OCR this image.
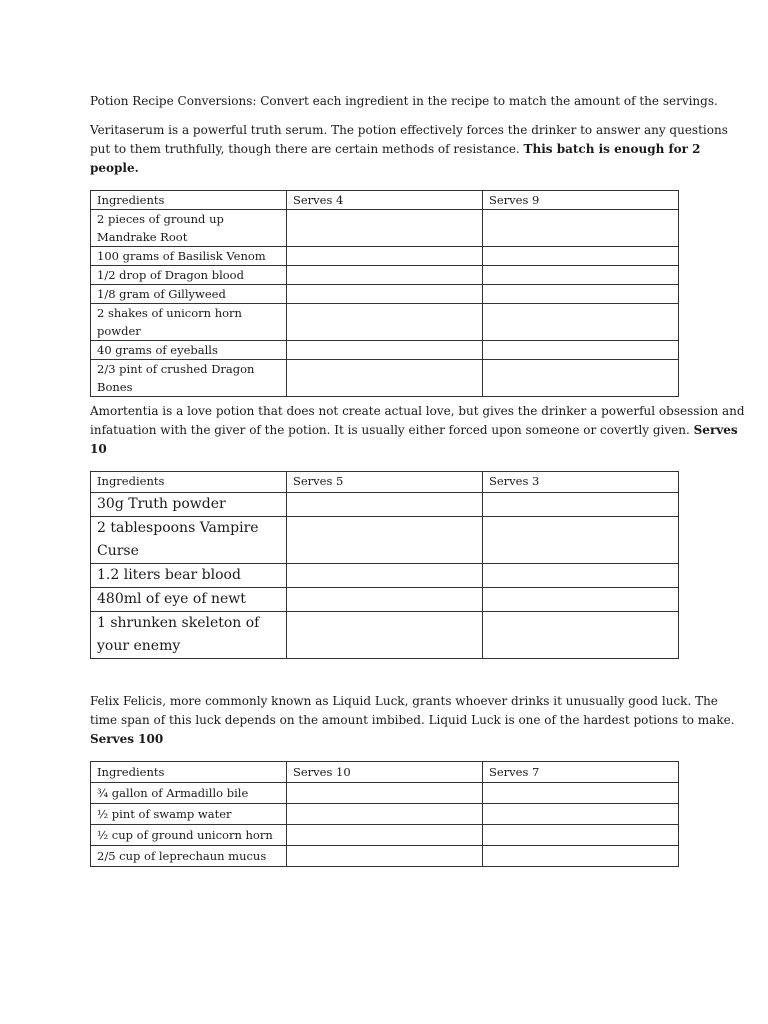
Potion Recipe Conversions: Convert each ingredient in the recipe to match the amount of the servings.
Veritaserum is a powerful truth serum. The potion effectively forces the drinker to answer any questions
put to them truthfully, though there are certain methods of resistance. This batch is enough for 2
people.
Ingredients	Serves 4	Serves 9
2 pieces of ground up Mandrake Root		
100 grams of Basilisk Venom		
1/2 drop of Dragon blood		
1/8 gram of Gillyweed		
2 shakes of unicorn horn powder		
40 grams of eyeballs		
2/3 pint of crushed Dragon Bones		
Amortentia is a love potion that does not create actual love, but gives the drinker a powerful obsession and
infatuation with the giver of the potion. It is usually either forced upon someone or covertly given. Serves
10
Ingredients	Serves 5	Serves 3
30g Truth powder		
2 tablespoons Vampire Curse		
1.2 liters bear blood		
480ml of eye of newt		
1 shrunken skeleton of your enemy		
Felix Felicis, more commonly known as Liquid Luck, grants whoever drinks it unusually good luck. The
time span of this luck depends on the amount imbibed. Liquid Luck is one of the hardest potions to make.
Serves 100
Ingredients	Serves 10	Serves 7
¾ gallon of Armadillo bile		
½ pint of swamp water		
½ cup of ground unicorn horn		
2/5 cup of leprechaun mucus		
